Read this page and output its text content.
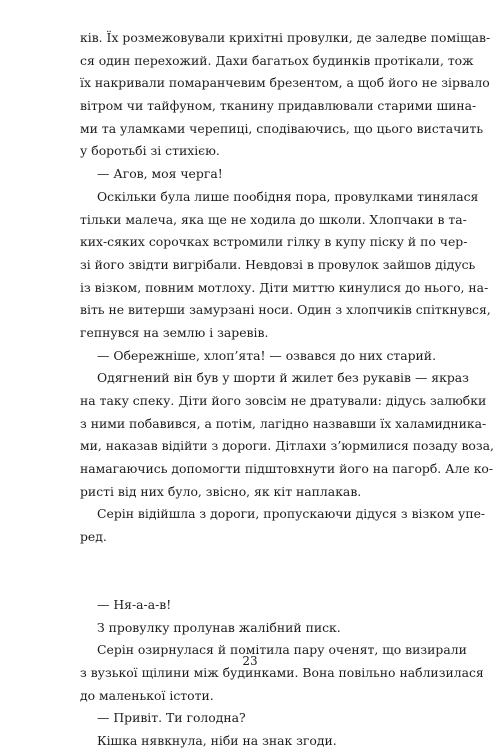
ків. Їх розмежовували крихітні провулки, де заледве поміщав-
ся один перехожий. Дахи багатьох будинків протікали, тож
їх накривали помаранчевим брезентом, а щоб його не зірвало
вітром чи тайфуном, тканину придавлювали старими шина-
ми та уламками черепиці, сподіваючись, що цього вистачить
у боротьбі зі стихією.
— Агов, моя черга!
Оскільки була лише пообідня пора, провулками тинялася
тільки малеча, яка ще не ходила до школи. Хлопчаки в та-
ких-сяких сорочках встромили гілку в купу піску й по чер-
зі його звідти вигрібали. Невдовзі в провулок зайшов дідусь
із візком, повним мотлоху. Діти миттю кинулися до нього, на-
віть не витерши замурзані носи. Один з хлопчиків спіткнувся,
гепнувся на землю і заревів.
— Обережніше, хлоп’ята! — озвався до них старий.
Одягнений він був у шорти й жилет без рукавів — якраз
на таку спеку. Діти його зовсім не дратували: дідусь залюбки
з ними побавився, а потім, лагідно назвавши їх халамидника-
ми, наказав відійти з дороги. Дітлахи з’юрмилися позаду воза,
намагаючись допомогти підштовхнути його на пагорб. Але ко-
ристі від них було, звісно, як кіт наплакав.
Серін відійшла з дороги, пропускаючи дідуся з візком упе-
ред.
— Ня-а-а-в!
З провулку пролунав жалібний писк.
Серін озирнулася й помітила пару оченят, що визирали
з вузької щілини між будинками. Вона повільно наблизилася
до маленької істоти.
— Привіт. Ти голодна?
Кішка нявкнула, ніби на знак згоди.
23
